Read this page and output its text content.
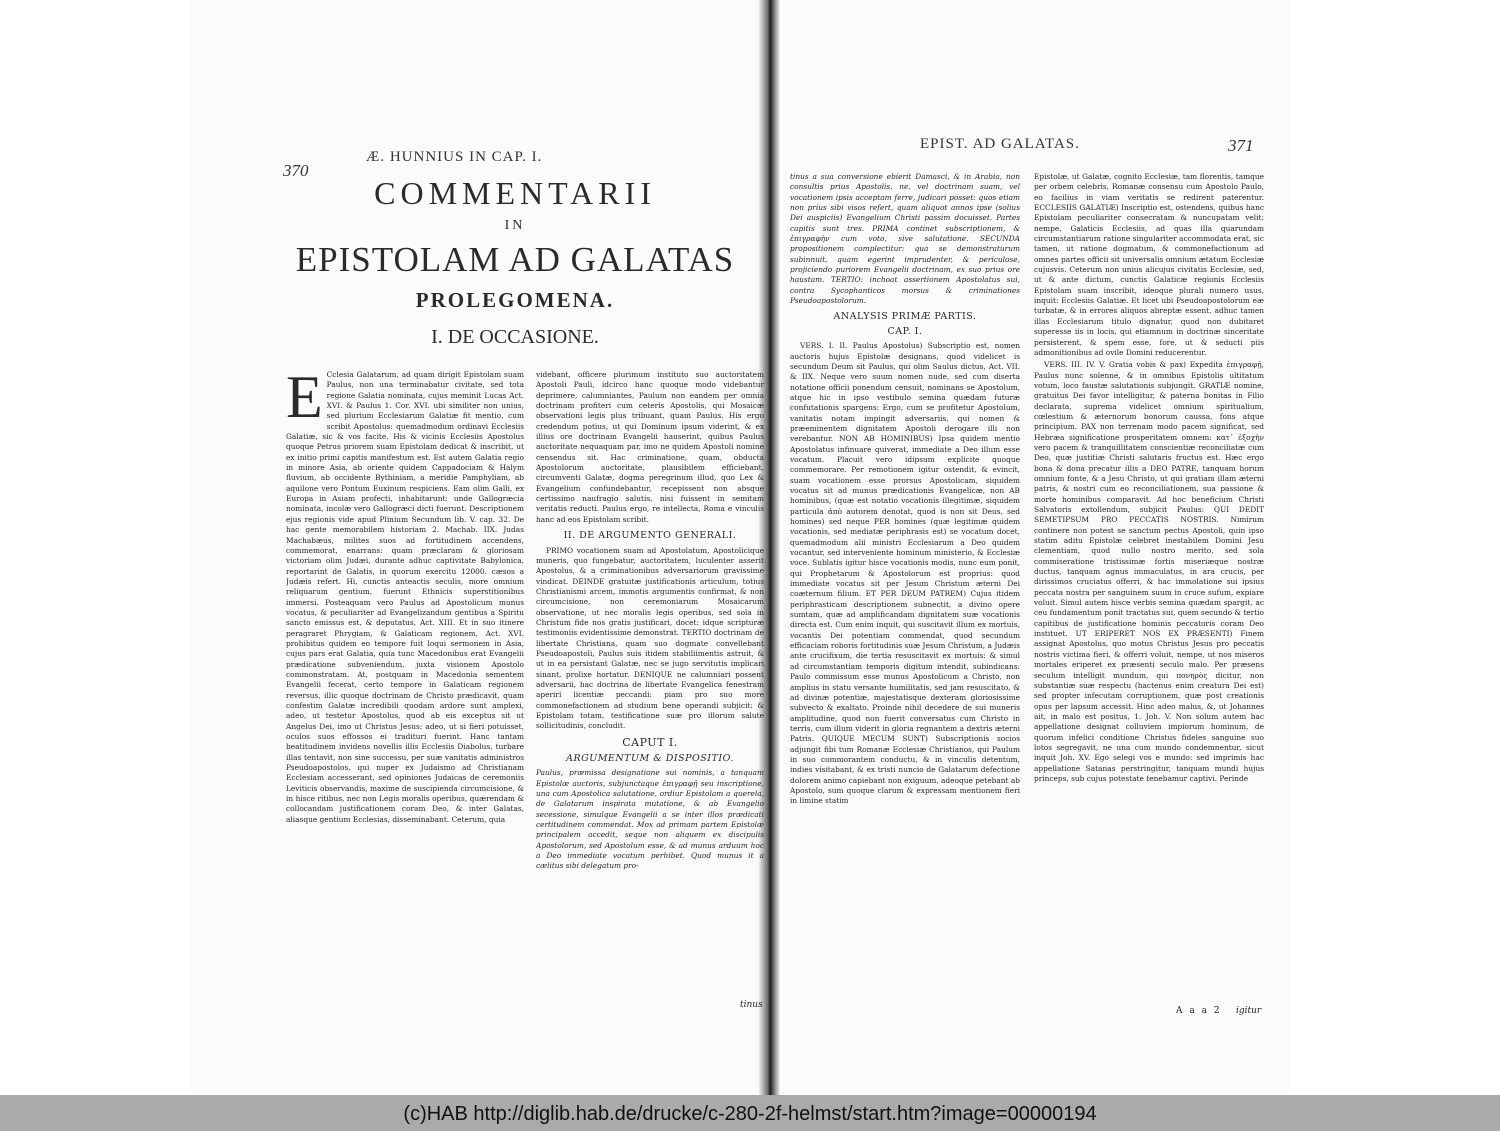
Æ. HUNNIUS IN CAP. I.
370
COMMENTARII
IN
EPISTOLAM AD GALATAS
PROLEGOMENA.
I. DE OCCASIONE.
E Cclesia Galatarum, ad quam dirigit Epistolam suam Paulus, non una terminabatur civitate, sed tota regione Galatia nominata, cujus meminit Lucas Act. XVI. & Paulus 1. Cor. XVI. ubi similiter non unius, sed plurium Ecclesiarum Galatiæ fit mentio, cum scribit Apostolus: quemadmodum ordinavi Ecclesiis Galatiæ, sic & vos facite. His & vicinis Ecclesiis Apostolus quoque Petrus priorem suam Epistolam dedicat & inscribit, ut ex initio primi capitis manifestum est. Est autem Galatia regio in minore Asia, ab oriente quidem Cappadociam & Halym fluvium, ab occidente Bythiniam, a meridie Pamphyliam, ab aquilone vero Pontum Euxinum respiciens. Eam olim Galli, ex Europa in Asiam profecti, inhabitarunt: unde Gallogræcia nominata, incolæ vero Gallogræci dicti fuerunt. Descriptionem ejus regionis vide apud Plinium Secundum lib. V. cap. 32. De hac gente memorabilem historiam 2. Machab. IIX. Judas Machabæus, milites suos ad fortitudinem accendens, commemorat, enarrans: quam præclaram & gloriosam victoriam olim Judæi, durante adhuc captivitate Babylonica, reportarint de Galatis, in quorum exercitu 12000. cæsos a Judæis refert. Hi, cunctis anteactis seculis, more omnium reliquarum gentium, fuerunt Ethnicis superstitionibus immersi. Posteaquam vero Paulus ad Apostolicum munus vocatus, & peculiariter ad Evangelizandum gentibus a Spiritu sancto emissus est, & deputatus, Act. XIII. Et in suo itinere peragraret Phrygiam, & Galaticam regionem, Act. XVI. prohibitus quidem eo tempore fuit loqui sermonem in Asia, cujus pars erat Galatia, quia tunc Macedonibus erat Evangelii prædicatione subveniendum, juxta visionem Apostolo commonstratam. At, postquam in Macedonia sementem Evangelii fecerat, certo tempore in Galaticam regionem reversus, illic quoque doctrinam de Christo prædicavit, quam confestim Galatæ incredibili quodam ardore sunt amplexi, adeo, ut testetur Apostolus, quod ab eis exceptus sit ut Angelus Dei, imo ut Christus Jesus: adeo, ut si fieri potuisset, oculos suos effossos ei tradituri fuerint. Hanc tantam beatitudinem invidens novellis illis Ecclesiis Diabolus, turbare illas tentavit, non sine successu, per suæ vanitatis administros Pseudoapostolos, qui nuper ex Judaismo ad Christianam Ecclesiam accesserant, sed opiniones Judaicas de ceremoniis Leviticis observandis, maxime de suscipienda circumcisione, & in hisce ritibus, nec non Legis moralis operibus, quærendam & collocandam justificationem coram Deo, & inter Galatas, aliasque gentium Ecclesias, disseminabant. Ceterum, quia

videbant, officere plurimum instituto suo auctoritatem Apostoli Pauli, idcirco hanc quoque modo videbantur deprimere, calumniantes, Paulum non eandem per omnia doctrinam profiteri cum ceteris Apostolis, qui Mosaicæ observationi legis plus tribuant, quam Paulus. His ergo credendum potius, ut qui Dominum ipsum viderint, & ex illius ore doctrinam Evangelii hauserint, quibus Paulus auctoritate nequaquam par, imo ne quidem Apostoli nomine censendus sit. Hac criminatione, quam, obducta Apostolorum auctoritate, plausibilem efficiebant, circumventi Galatæ, dogma peregrinum illud, quo Lex & Evangelium confundebantur, recepissent non absque certissimo naufragio salutis, nisi fuissent in semitam veritatis reducti. Paulus ergo, re intellecta, Roma e vinculis hanc ad eos Epistolam scribit.

II. DE ARGUMENTO GENERALI.

PRIMO vocationem suam ad Apostolatum, Apostolicique muneris, quo fungebatur, auctoritatem, luculenter asserit Apostolus, & a criminationibus adversariorum gravissime vindicat. DEINDE gratuitæ justificationis articulum, totius Christianismi arcem, immotis argumentis confirmat, & non circumcisione, non ceremoniarum Mosaicarum observatione, ut nec moralis legis operibus, sed sola in Christum fide nos gratis justificari, docet: idque scripturæ testimoniis evidentissime demonstrat. TERTIO doctrinam de libertate Christiana, quam suo dogmate convellebant Pseudoapostoli, Paulus suis itidem stabiliimentis astruit, & ut in ea persistant Galatæ, nec se jugo servitutis implicari sinant, prolixe hortatur. DENIQUE ne calumniari possent adversarii, hac doctrina de libertate Evangelica fenestram aperiri licentiæ peccandi: piam pro suo more commonefactionem ad studium bene operandi subjicit: & Epistolam totam, testificatione suæ pro illorum salute sollicitudinis, concludit.

CAPUT I.
ARGUMENTUM & DISPOSITIO.

Paulus, præmissa designatione sui nominis, a tanquam Epistolæ auctoris, subjunctaque ἐπιγραφῇ seu inscriptione, una cum Apostolica salutatione, ordiur Epistolam a querela, de Galatarum inspirata mutatione, & ab Evangelio secessione, simulque Evangelii a se inter illos prædicati certitudinem commendat. Mox ad primam partem Epistolæ principalem accedit, seque non aliquem ex discipulis Apostolorum, sed Apostolum esse, & ad munus arduum hoc a Deo immediate vocatum perhibet. Quod munus it a cælitus sibi delegatum pro-

tinus
EPIST. AD GALATAS.	371

tinus a sua conversione ebierit Damasci, & in Arabia, non consultis prius Apostolis, ne, vel doctrinam suam, vel vocationem ipsis acceptam ferre, judicari posset: quos etiam non prius sibi visos refert, quam aliquot annos ipse (solius Dei auspiciis) Evangelium Christi passim docuisset. Partes capitis sunt tres. PRIMA continet subscriptionem, & ἐπιγραφὴν cum voto, sive salutatione. SECUNDA propositionem complectitur: qua se demonstraturum subinnuit, quam egerint imprudenter, & periculose, projiciendo puriorem Evangelii doctrinam, ex suo prius ore haustam. TERTIO: inchoat assertionem Apostolatus sui, contra Sycophanticos morsus & criminationes Pseudoapostolorum.

ANALYSIS PRIMÆ PARTIS.
CAP. I.

VERS. I. II. Paulus Apostolus) Subscriptio est, nomen auctoris hujus Epistolæ designans, quod videlicet is secundum Deum sit Paulus, qui olim Saulus dictus, Act. VII. & IIX. Neque vero suum nomen nude, sed cum diserta notatione officii ponendum censuit, nominans se Apostolum, atque hic in ipso vestibulo semina quædam futuræ confutationis spargens: Ergo, cum se profitetur Apostolum, vanitatis notam impingit adversariis, qui nomen & præeminentem dignitatem Apostoli derogare illi non verebantur. NON AB HOMINIBUS) Ipsa quidem mentio Apostolatus infinuare quiverat, immediate a Deo illum esse vocatum. Placuit vero idipsum explicite quoque commemorare. Per remotionem igitur ostendit, & evincit, suam vocationem esse prorsus Apostolicam, siquidem vocatus sit ad munus prædicationis Evangelicæ, non AB hominibus, (quæ est notatio vocationis illegitimæ, siquidem particula ἀπὸ autorem denotat, quod is non sit Deus, sed homines) sed neque PER homines (quæ legitimæ quidem vocationis, sed mediatæ periphrasis est) se vocatum docet, quemadmodum alii ministri Ecclesiarum a Deo quidem vocantur, sed interveniente hominum ministerio, & Ecclesiæ voce. Sublatis igitur hisce vocationis modis, nunc eum ponit, qui Prophetarum & Apostolorum est proprius: quod immediate vocatus sit per Jesum Christum æterni Dei coæternum filium. ET PER DEUM PATREM) Cujus itidem periphrasticam descriptionem subnectit, a divino opere sumtam, quæ ad amplificandam dignitatem suæ vocationis directa est. Cum enim inquit, qui suscitavit illum ex mortuis, vocantis Dei potentiam commendat, quod secundum efficaciam roboris fortitudinis suæ Jesum Christum, a Judæis ante crucifixum, die tertia resuscitavit ex mortuis: & simul ad circumstantiam temporis digitum intendit, subindicans: Paulo commissum esse munus Apostolicum a Christo, non amplius in statu versante humilitatis, sed jam resuscitato, & ad divinæ potentiæ, majestatisque dexteram gloriosissime subvecto & exaltato. Proinde nihil decedere de sui muneris amplitudine, quod non fuerit conversatus cum Christo in terris, cum illum viderit in gloria regnantem a dextris æterni Patris. QUIQUE MECUM SUNT) Subscriptionis socios adjungit fibi tum Romanæ Ecclesiæ Christianos, qui Paulum in suo commorantem conductu, & in vinculis detentum, indies visitabant, & ex tristi nuncio de Galatarum defectione dolorem animo capiebant non exiguum, adeoque petebant ab Apostolo, sum quoque clarum & expressam mentionem fieri in limine statim

Epistolæ, ut Galatæ, cognito Ecclesiæ, tam florentis, tamque per orbem celebris, Romanæ consensu cum Apostolo Paulo, eo facilius in viam veritatis se redirent paterentur. ECCLESIIS GALATIÆ) Inscriptio est, ostendens, quibus hanc Epistolam peculiariter consecratam & nuncupatam velit: nempe, Galaticis Ecclesiis, ad quas illa quarundam circumstantiarum ratione singulariter accommodata erat, sic tamen, ut ratione dogmatum, & commonefactionum ad omnes partes officii sit universalis omnium ætatum Ecclesiæ cujusvis. Ceterum non unius alicujus civitatis Ecclesiæ, sed, ut & ante dictum, cunctis Galaticæ regionis Ecclesiis Epistolam suam inscribit, ideoque plurali numero usus, inquit: Ecclesiis Galatiæ. Et licet ubi Pseudoapostolorum eæ turbatæ, & in errores aliquos abreptæ essent, adhuc tamen illas Ecclesiarum titulo dignatur, quod non dubitaret superesse iis in locis, qui etiamnum in doctrinæ sinceritate persisterent, & spem esse, fore, ut & seducti piis admonitionibus ad ovile Domini reducerentur.

VERS. III. IV. V. Gratia vobis & pax) Expedita ἐπιγραφῇ, Paulus nunc solenne, & in omnibus Epistolis ultitatum votum, loco faustæ salutationis subjungit. GRATIÆ nomine, gratuitus Dei favor intelligitur, & paterna bonitas in Filio declarata, suprema videlicet omnium spiritualium, cœlestium & æternorum bonorum caussa, fons atque principium. PAX non terrenam modo pacem significat, sed Hebræa significatione prosperitatem omnem: κατ᾽ ἐξοχὴν vero pacem & tranquillitatem conscientiæ reconciliatæ cum Deo, quæ justitiæ Christi salutaris fructus est. Hæc ergo bona & dona precatur illis a DEO PATRE, tanquam horum omnium fonte, & a Jesu Christo, ut qui gratiam illam æterni patris, & nostri cum eo reconciliationem, sua passione & morte hominibus comparavit. Ad hoc beneficium Christi Salvatoris extollendum, subjicit Paulus: QUI DEDIT SEMETIPSUM PRO PECCATIS NOSTRIS. Nimirum continere non potest se sanctum pectus Apostoli, quin ipso statim aditu Epistolæ celebret inestabilem Domini Jesu clementiam, quod nullo nostro merito, sed sola commiseratione tristissimæ fortis miseriæque nostræ ductus, tanquam agnus immaculatus, in ara crucis, per dirissimos cruciatus offerri, & hac immolatione sui ipsius peccata nostra per sanguinem suum in cruce sufum, expiare voluit. Simul autem hisce verbis semina quædam spargit, ac ceu fundamentum ponit tractatus sui, quem secundo & tertio capitibus de justificatione hominis peccatoris coram Deo instituet. UT ERIPERET NOS EX PRÆSENTI) Finem assignat Apostolus, quo motus Christus Jesus pro peccatis nostris victima fieri, & offerri voluit, nempe, ut nos miseros mortales eriperet ex præsenti seculo malo. Per præsens seculum intelligit mundum, qui πονηρὸς dicitur, non substantiæ suæ respectu (hactenus enim creatura Dei est) sed propter infecutam corruptionem, quæ post creationis opus per lapsum accessit. Hinc adeo malus, &, ut Johannes ait, in malo est positus, 1. Joh. V. Non solum autem hac appellatione designat colluviem impiorum hominum, de quorum infelici conditione Christus fideles sanguine suo lotos segregavit, ne una cum mundo condemnentur, sicut inquit Joh. XV. Ego selegi vos e mundo: sed imprimis hac appellatione Satanas perstringitur, tanquam mundi hujus princeps, sub cujus potestate tenebamur captivi. Perinde

A a a 2 igitur
(c)HAB http://diglib.hab.de/drucke/c-280-2f-helmst/start.htm?image=00000194
